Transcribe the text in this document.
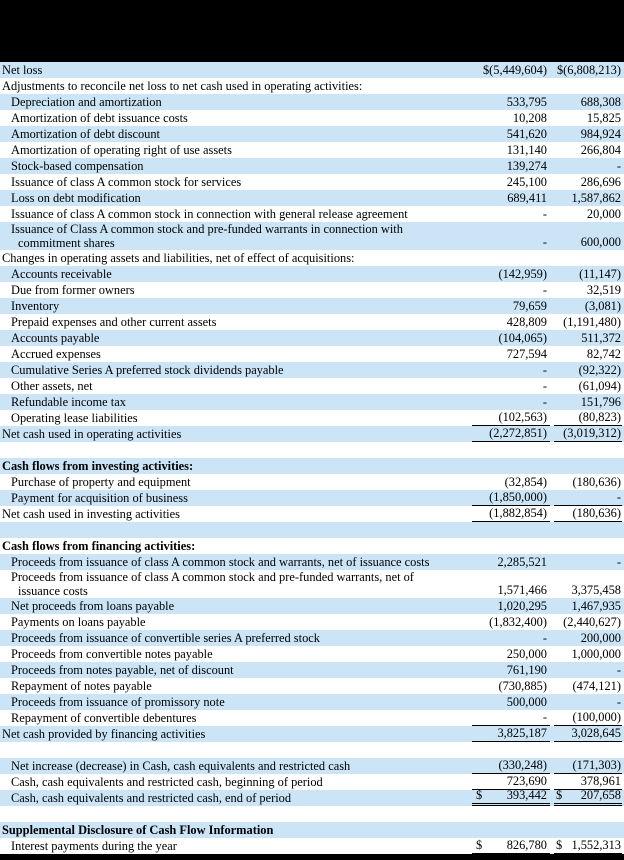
Net loss	$(5,449,604) $(6,808,213)
Adjustments to reconcile net loss to net cash used in operating activities:
Depreciation and amortization	533,795	688,308
Amortization of debt issuance costs	10,208	15,825
Amortization of debt discount	541,620	984,924
Amortization of operating right of use assets	131,140	266,804
Stock-based compensation	139,274	-
Issuance of class A common stock for services	245,100	286,696
Loss on debt modification	689,411 1,587,862
Issuance of class A common stock in connection with general release agreement	-	20,000
Issuance of Class A common stock and pre-funded warrants in connection with
commitment shares	-	600,000
Changes in operating assets and liabilities, net of effect of acquisitions:
Accounts receivable	(142,959)	(11,147)
Due from former owners	-	32,519
Inventory	79,659	(3,081)
Prepaid expenses and other current assets	428,809 (1,191,480)
Accounts payable	(104,065)	511,372
Accrued expenses	727,594	82,742
Cumulative Series A preferred stock dividends payable	-	(92,322)
Other assets, net	-	(61,094)
Refundable income tax	-	151,796
Operating lease liabilities	(102,563)	(80,823)
Net cash used in operating activities	(2,272,851) (3,019,312)
Cash flows from investing activities:
Purchase of property and equipment	(32,854) (180,636)
Payment for acquisition of business	(1,850,000)	-
Net cash used in investing activities	(1,882,854) (180,636)
Cash flows from financing activities:
Proceeds from issuance of class A common stock and warrants, net of issuance costs	2,285,521	-
Proceeds from issuance of class A common stock and pre-funded warrants, net of
issuance costs	1,571,466 3,375,458
Net proceeds from loans payable	1,020,295 1,467,935
Payments on loans payable	(1,832,400) (2,440,627)
Proceeds from issuance of convertible series A preferred stock	-	200,000
Proceeds from convertible notes payable	250,000 1,000,000
Proceeds from notes payable, net of discount	761,190	-
Repayment of notes payable	(730,885) (474,121)
Proceeds from issuance of promissory note	500,000	-
Repayment of convertible debentures	- (100,000)
Net cash provided by financing activities	3,825,187 3,028,645
Net increase (decrease) in Cash, cash equivalents and restricted cash	(330,248) (171,303)
Cash, cash equivalents and restricted cash, beginning of period	723,690	378,961
Cash, cash equivalents and restricted cash, end of period	$ 393,442 $ 207,658
Supplemental Disclosure of Cash Flow Information
Interest payments during the year	$ 826,780 $ 1,552,313
